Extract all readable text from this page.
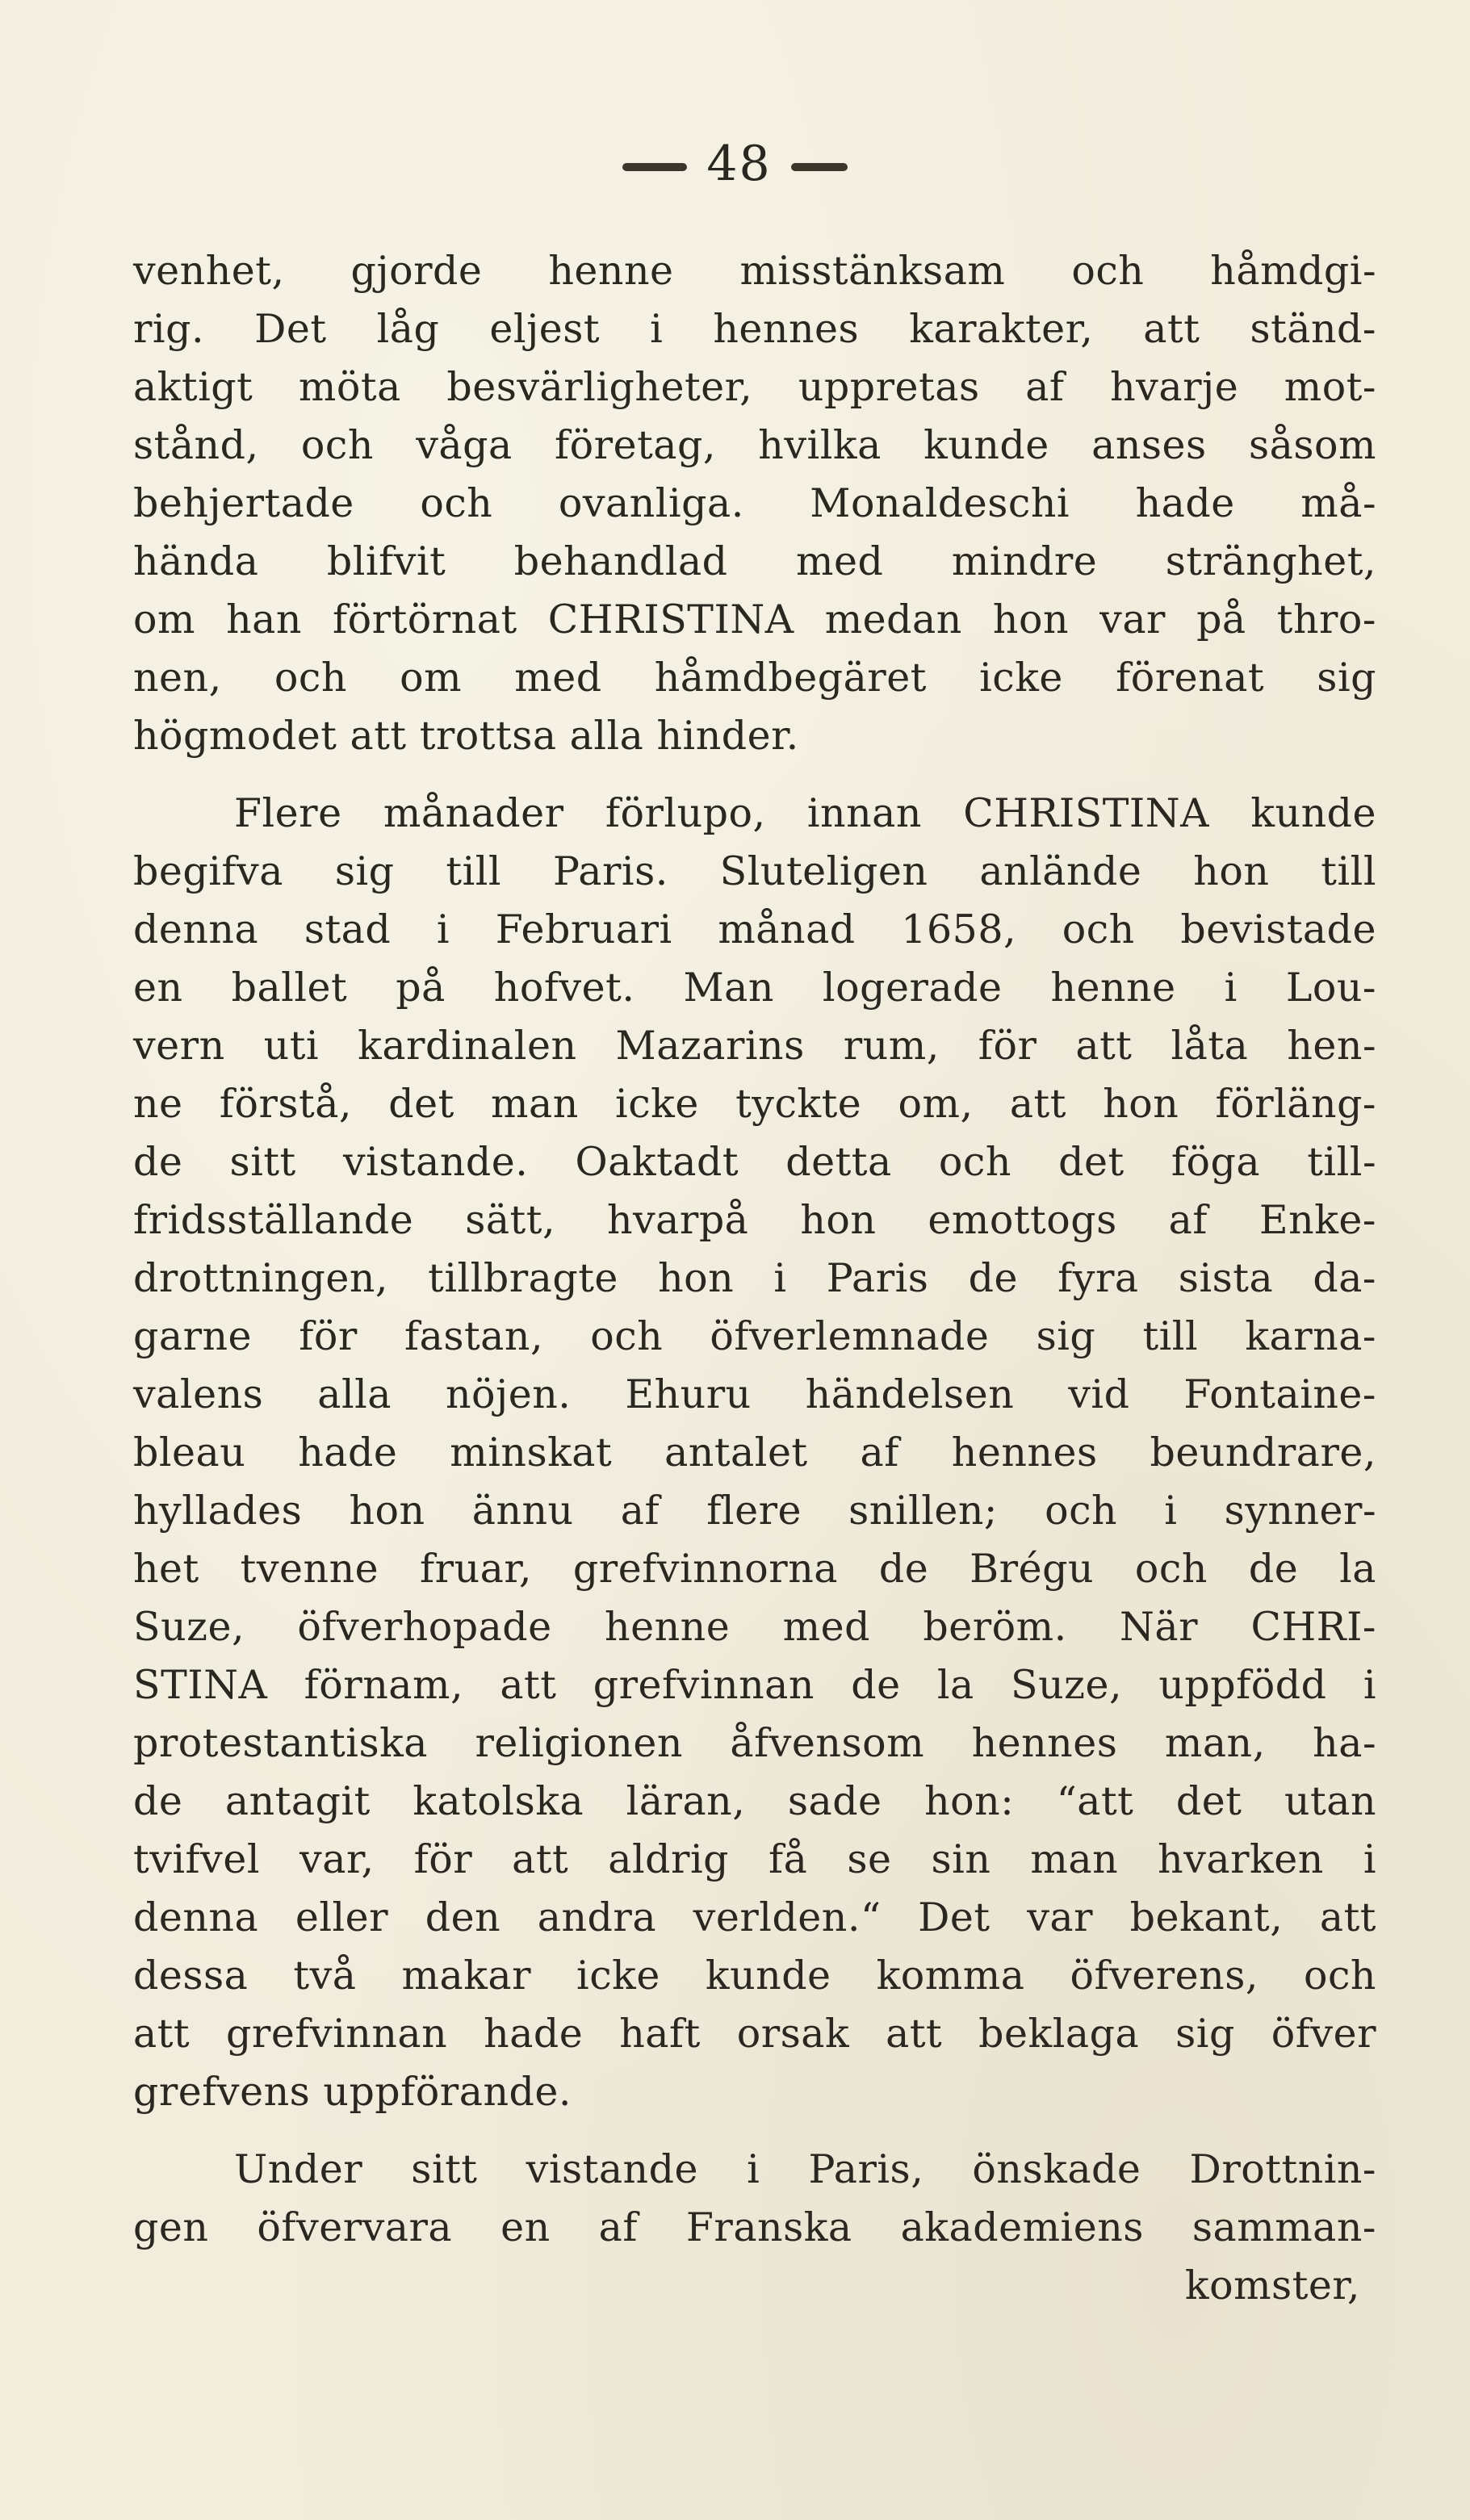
48
venhet, gjorde henne misstänksam och håmdgi-
rig. Det låg eljest i hennes karakter, att ständ-
aktigt möta besvärligheter, uppretas af hvarje mot-
stånd, och våga företag, hvilka kunde anses såsom
behjertade och ovanliga. Monaldeschi hade må-
hända blifvit behandlad med mindre stränghet,
om han förtörnat CHRISTINA medan hon var på thro-
nen, och om med håmdbegäret icke förenat sig
högmodet att trottsa alla hinder.
Flere månader förlupo, innan CHRISTINA kunde
begifva sig till Paris. Sluteligen anlände hon till
denna stad i Februari månad 1658, och bevistade
en ballet på hofvet. Man logerade henne i Lou-
vern uti kardinalen Mazarins rum, för att låta hen-
ne förstå, det man icke tyckte om, att hon förläng-
de sitt vistande. Oaktadt detta och det föga till-
fridsställande sätt, hvarpå hon emottogs af Enke-
drottningen, tillbragte hon i Paris de fyra sista da-
garne för fastan, och öfverlemnade sig till karna-
valens alla nöjen. Ehuru händelsen vid Fontaine-
bleau hade minskat antalet af hennes beundrare,
hyllades hon ännu af flere snillen; och i synner-
het tvenne fruar, grefvinnorna de Brégu och de la
Suze, öfverhopade henne med beröm. När CHRI-
STINA förnam, att grefvinnan de la Suze, uppfödd i
protestantiska religionen åfvensom hennes man, ha-
de antagit katolska läran, sade hon: “att det utan
tvifvel var, för att aldrig få se sin man hvarken i
denna eller den andra verlden.“ Det var bekant, att
dessa två makar icke kunde komma öfverens, och
att grefvinnan hade haft orsak att beklaga sig öfver
grefvens uppförande.
Under sitt vistande i Paris, önskade Drottnin-
gen öfvervara en af Franska akademiens samman-
komster,
